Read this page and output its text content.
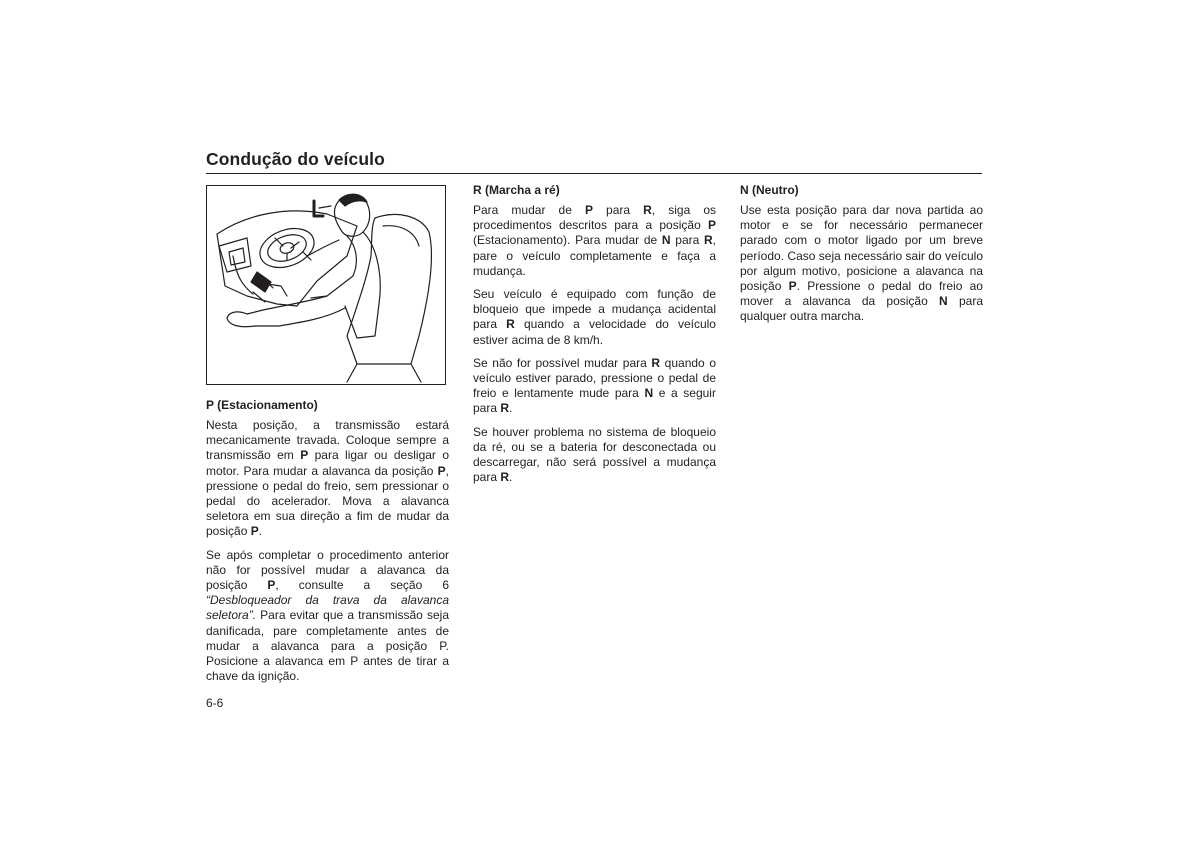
Condução do veículo
P (Estacionamento)

Nesta posição, a transmissão estará mecanicamente travada. Coloque sempre a transmissão em P para ligar ou desligar o motor. Para mudar a alavanca da posição P, pressione o pedal do freio, sem pressionar o pedal do acelerador. Mova a alavanca seletora em sua direção a fim de mudar da posição P.

Se após completar o procedimento anterior não for possível mudar a alavanca da posição P, consulte a seção 6 “Desbloqueador da trava da alavanca seletora”. Para evitar que a transmissão seja danificada, pare completamente antes de mudar a alavanca para a posição P. Posicione a alavanca em P antes de tirar a chave da ignição.

R (Marcha a ré)

Para mudar de P para R, siga os procedimentos descritos para a posição P (Estacionamento). Para mudar de N para R, pare o veículo completamente e faça a mudança.

Seu veículo é equipado com função de bloqueio que impede a mudança acidental para R quando a velocidade do veículo estiver acima de 8 km/h.

Se não for possível mudar para R quando o veículo estiver parado, pressione o pedal de freio e lentamente mude para N e a seguir para R.

Se houver problema no sistema de bloqueio da ré, ou se a bateria for desconectada ou descarregar, não será possível a mudança para R.

N (Neutro)

Use esta posição para dar nova partida ao motor e se for necessário permanecer parado com o motor ligado por um breve período. Caso seja necessário sair do veículo por algum motivo, posicione a alavanca na posição P. Pressione o pedal do freio ao mover a alavanca da posição N para qualquer outra marcha.

6-6
